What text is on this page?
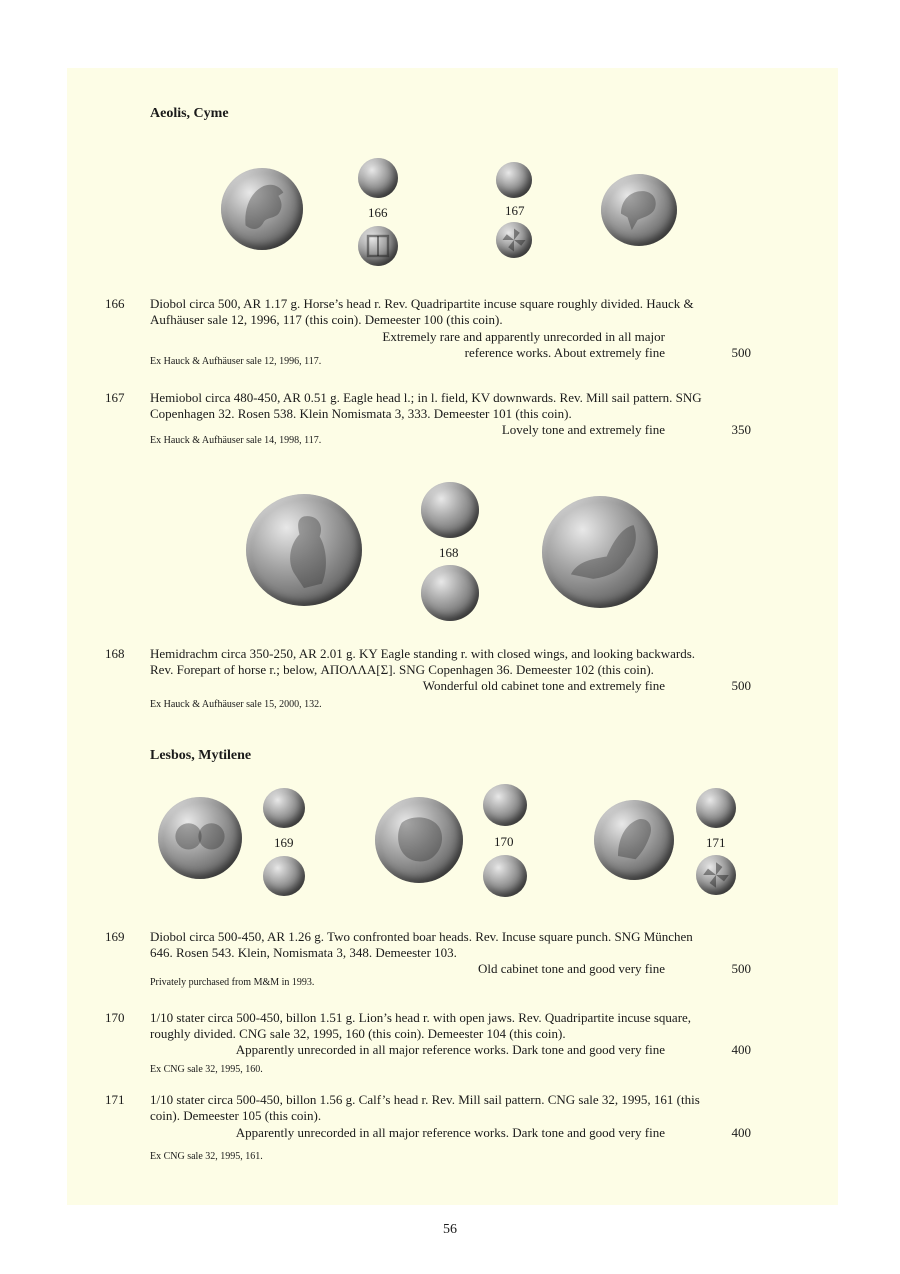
Aeolis, Cyme
166	167
166 Diobol circa 500, AR 1.17 g. Horse’s head r. Rev. Quadripartite incuse square roughly divided. Hauck &

Aufhäuser sale 12, 1996, 117 (this coin). Demeester 100 (this coin).

Extremely rare and apparently unrecorded in all major
reference works. About extremely fine	500
Ex Hauck & Aufhäuser sale 12, 1996, 117.
167 Hemiobol circa 480-450, AR 0.51 g. Eagle head l.; in l. field, KV downwards. Rev. Mill sail pattern. SNG

Copenhagen 32. Rosen 538. Klein Nomismata 3, 333. Demeester 101 (this coin).

Lovely tone and extremely fine	350
Ex Hauck & Aufhäuser sale 14, 1998, 117.
168
168 Hemidrachm circa 350-250, AR 2.01 g. KY Eagle standing r. with closed wings, and looking backwards.

Rev. Forepart of horse r.; below, ΑΠΟΛΛΑ[Σ]. SNG Copenhagen 36. Demeester 102 (this coin).

Wonderful old cabinet tone and extremely fine	500
Ex Hauck & Aufhäuser sale 15, 2000, 132.
Lesbos, Mytilene
169	170	171
169 Diobol circa 500-450, AR 1.26 g. Two confronted boar heads. Rev. Incuse square punch. SNG München

646. Rosen 543. Klein, Nomismata 3, 348. Demeester 103.

Old cabinet tone and good very fine	500
Privately purchased from M&M in 1993.
170 1/10 stater circa 500-450, billon 1.51 g. Lion’s head r. with open jaws. Rev. Quadripartite incuse square,

roughly divided. CNG sale 32, 1995, 160 (this coin). Demeester 104 (this coin).

Apparently unrecorded in all major reference works. Dark tone and good very fine	400
Ex CNG sale 32, 1995, 160.
171 1/10 stater circa 500-450, billon 1.56 g. Calf’s head r. Rev. Mill sail pattern. CNG sale 32, 1995, 161 (this

coin). Demeester 105 (this coin).

Apparently unrecorded in all major reference works. Dark tone and good very fine	400
Ex CNG sale 32, 1995, 161.
56
